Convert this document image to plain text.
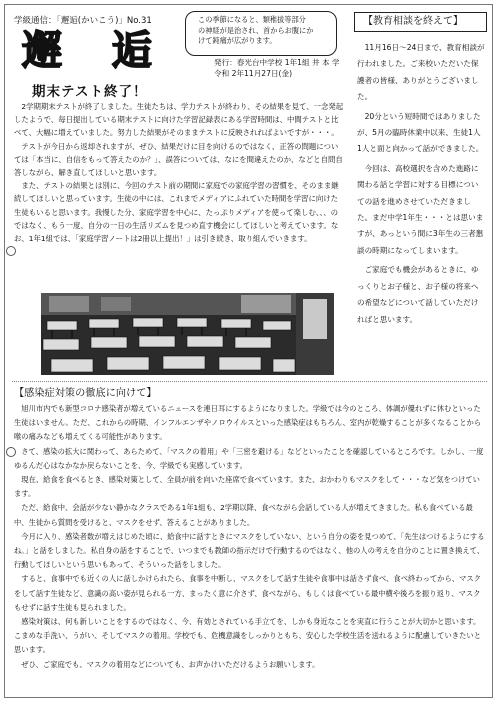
学級通信：「邂逅(かいこう)」No.31	この季節になると、類稚拔等部分

の神経が是治され、首からお腹にか

けて鈍痛が広がります。

邂 逅	発行：春光台中学校 1年1組 井 本 学
令和 2年11月27日(金)
【教育相談を終えて】

11月16日～24日まで、教育相談が行われました。ご来校いただいた保護者の皆様、ありがとうございました。

20分という短時間ではありましたが、5月の臨時休業中以来、生徒1人1人と面と向かって話ができました。

今回は、高校選択を含めた進路に関わる話と学習に対する目標についての話を進めさせていただきました。まだ中学1年生・・・とは思いますが、あっという間に3年生の三者懇談の時期になってしまいます。

ご家庭でも機会があるときに、ゆっくりとお子様と、お子様の将来への希望などについて話していただければと思います。

期末テスト終了！

2学期期末テストが終了しました。生徒たちは、学力テストが終わり、その結果を見て、一念発起したようで、毎日提出している期末テストに向けた学習記録表にある学習時間は、中間テストと比べて、大幅に増えていました。努力した結果がそのままテストに反映されればよいですが・・・。

テストが今日から返却されますが、ぜひ、結果だけに目を向けるのではなく、正答の問題については「本当に、自信をもって答えたのか？」、誤答については、なにを間違えたのか、などと自問自答しながら、解き直してほしいと思います。

また、テストの結果とは別に、今回のテスト前の期間に家庭での家庭学習の習慣を、そのまま継続してほしいと思っています。生徒の中には、これまでメディアにふれていた時間を学習に向けた生徒もいると思います。我慢した分、家庭学習を中心に、たっぷりメディアを使って楽しむ、、、のではなく、もう一度、自分の一日の生活リズムを見つめ直す機会にしてほしいと考えています。なお、1年1組では、「家庭学習ノートは2冊以上提出！」は引き続き、取り組んでいきます。

【感染症対策の徹底に向けて】

旭川市内でも新型コロナ感染者が増えているニュースを連日耳にするようになりました。学級では今のところ、体調が優れずに休むといった生徒はいません。ただ、これからの時期、インフルエンザやノロウイルスといった感染症はもちろん、室内が乾燥することが多くなることから喉の痛みなども増えてくる可能性があります。

さて、感染の拡大に関わって、あらためて、「マスクの着用」や「三密を避ける」などといったことを確認しているところです。しかし、一度ゆるんだ心はなかなか戻らないことを、今、学級でも実感しています。

現在、給食を食べるとき、感染対策として、全員が前を向いた座席で食べています。また、おかわりもマスクをして・・・など気をつけています。

ただ、給食中、会話が少ない静かなクラスである1年1組も、2学期以降、食べながら会話している人が増えてきました。私も食べている最中、生徒から質問を受けると、マスクをせず、答えることがありました。

今月に入り、感染者数が増えはじめた頃に、給食中に話すときにマスクをしていない、という自分の姿を見つめて、「先生はつけるようにするね。」と話をしました。私自身の話をすることで、いつまでも教師の指示だけで行動するのではなく、他の人の考えを自分のことに置き換えて、行動してほしいという思いもあって、そういった話をしました。

すると、食事中でも近くの人に話しかけられたら、食事を中断し、マスクをして話す生徒や食事中は話さず食べ、食べ終わってから、マスクをして話す生徒など、意識の高い姿が見られる一方、まったく意に介さず、食べながら、もしくは食べている最中横や後ろを振り返り、マスクもせずに話す生徒も見られました。

感染対策は、何も新しいことをするのではなく、今、有効とされている手立てを、しかも身近なことを実直に行うことが大切かと思います。こまめな手洗い、うがい、そしてマスクの着用。学校でも、危機意識をしっかりともち、安心した学校生活を送れるように配慮していきたいと思います。

ぜひ、ご家庭でも、マスクの着用などについても、お声かけいただけるようお願いします。
